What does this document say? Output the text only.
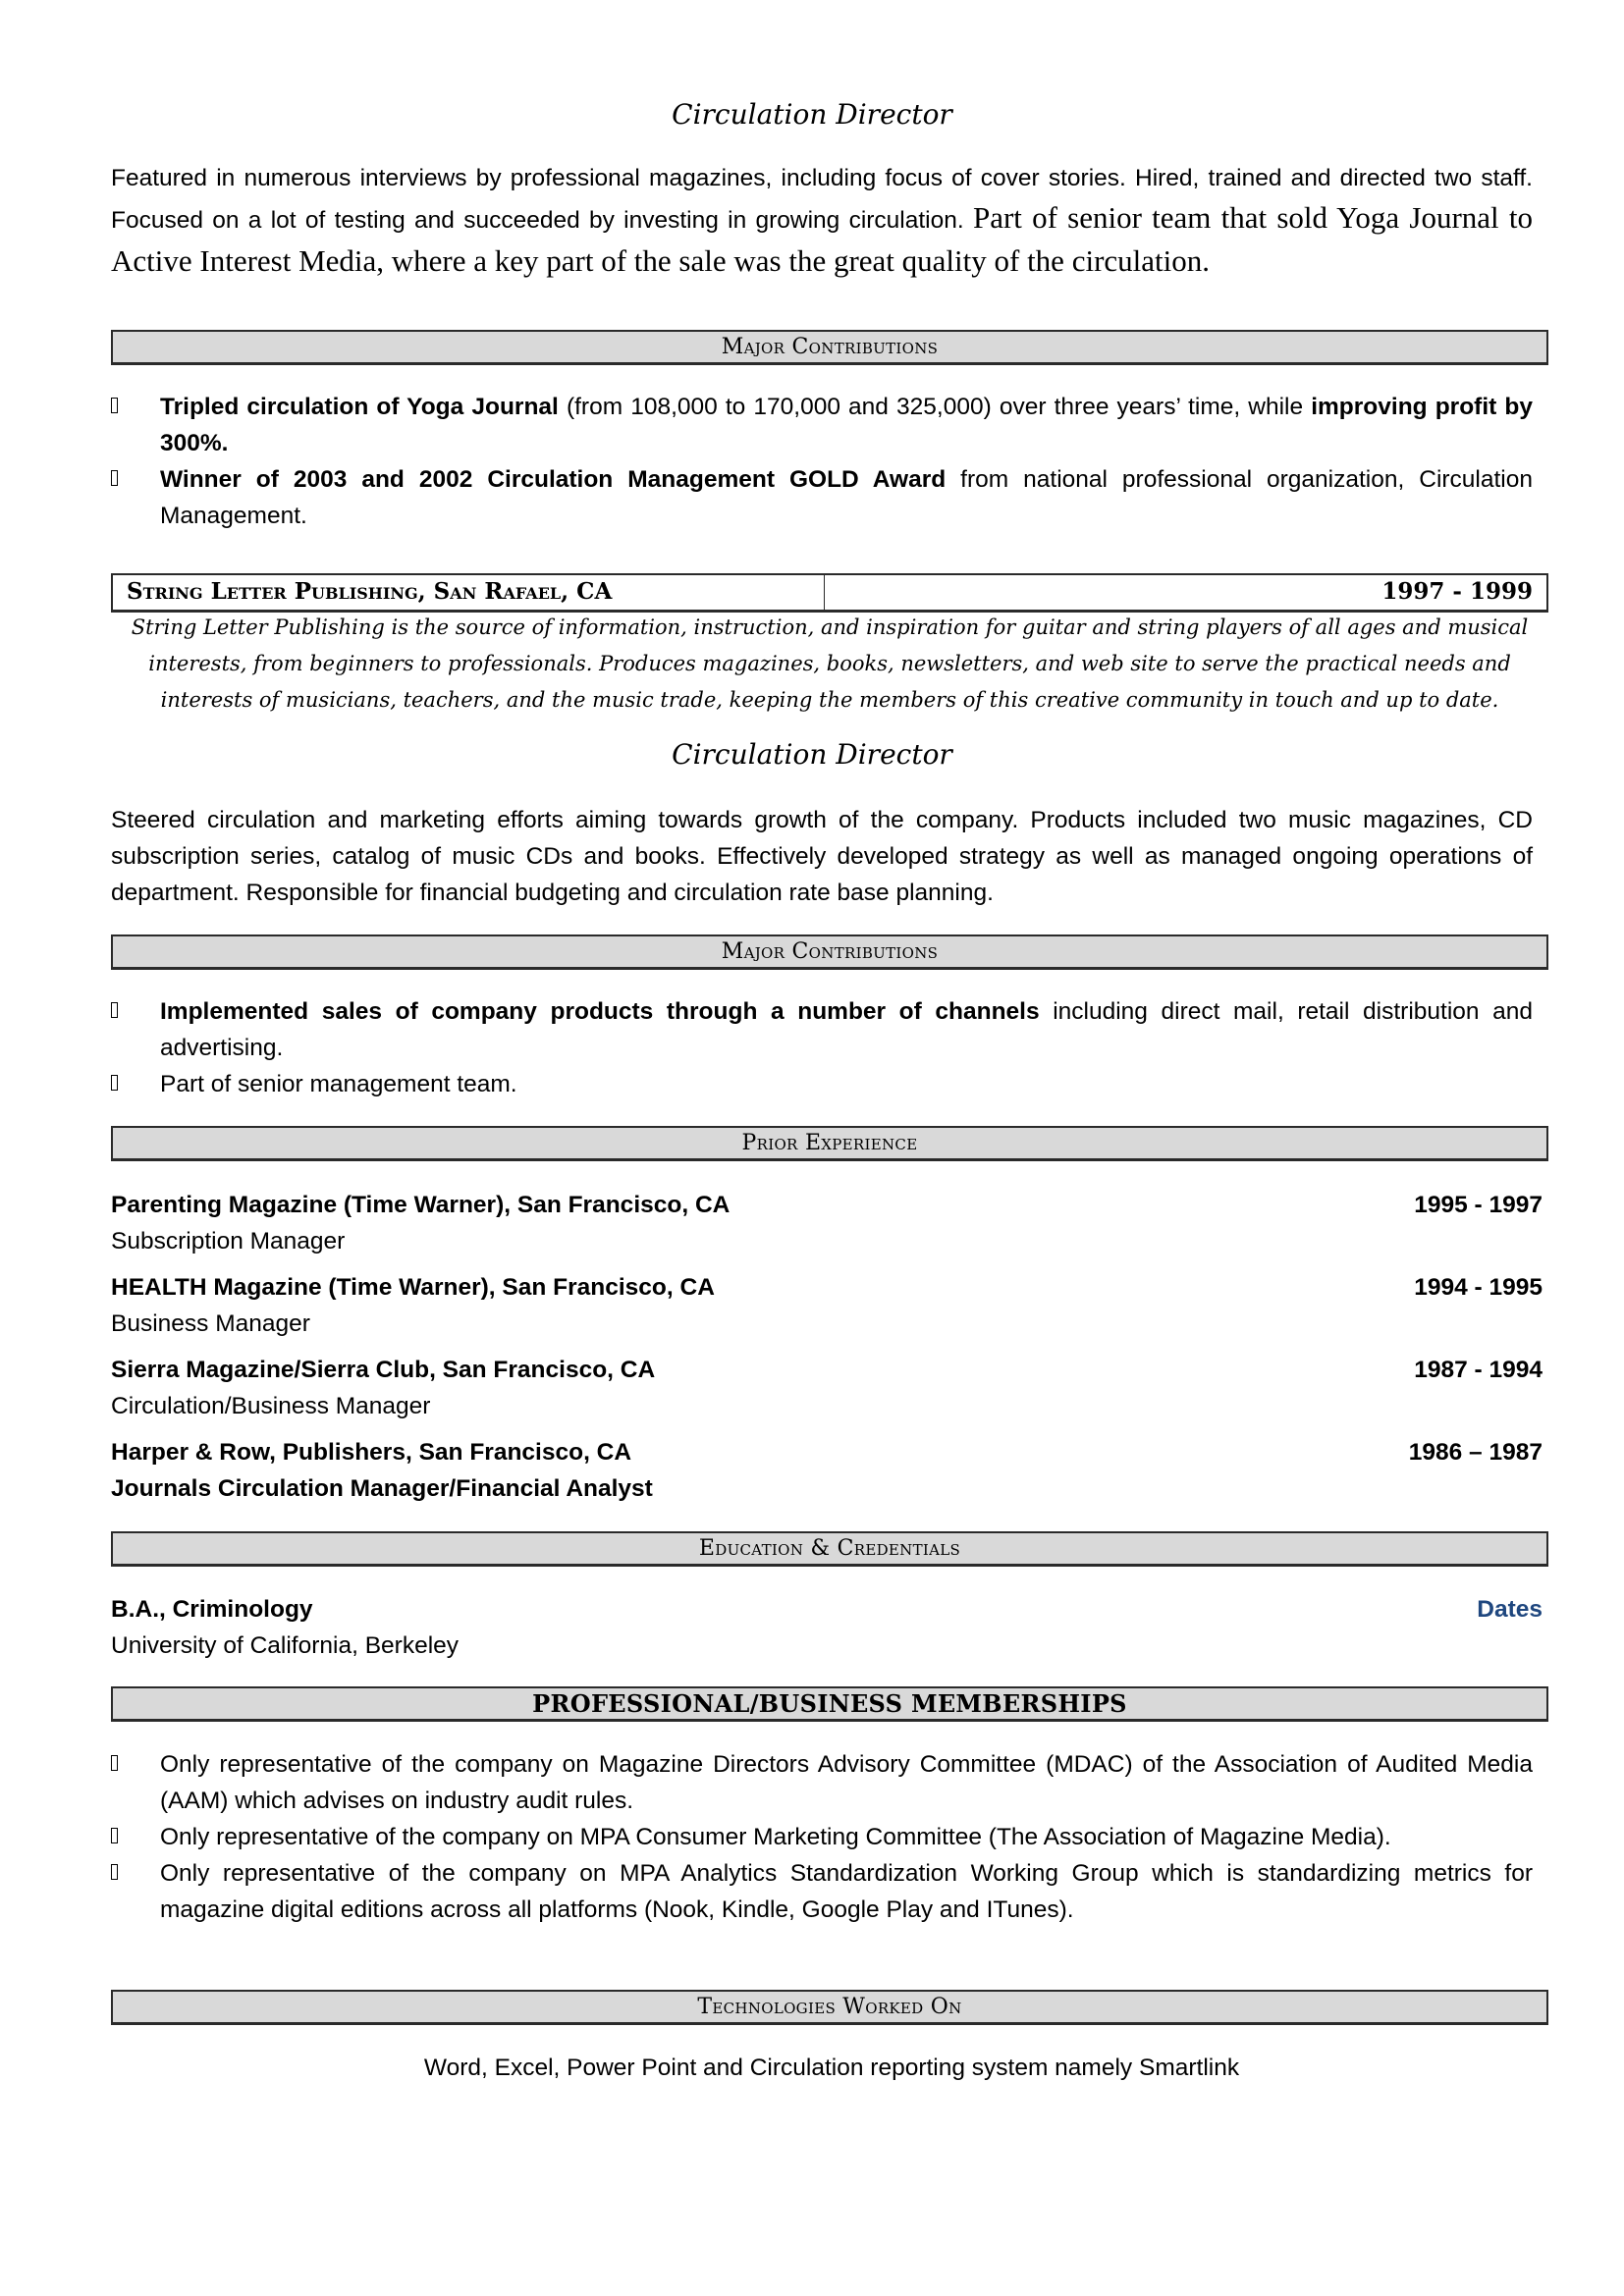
Circulation Director
Featured in numerous interviews by professional magazines, including focus of cover stories. Hired, trained and directed two staff. Focused on a lot of testing and succeeded by investing in growing circulation. Part of senior team that sold Yoga Journal to Active Interest Media, where a key part of the sale was the great quality of the circulation.
Major Contributions
Tripled circulation of Yoga Journal (from 108,000 to 170,000 and 325,000) over three years’ time, while improving profit by 300%.
Winner of 2003 and 2002 Circulation Management GOLD Award from national professional organization, Circulation Management.
String Letter Publishing, San Rafael, CA	1997 - 1999
String Letter Publishing is the source of information, instruction, and inspiration for guitar and string players of all ages and musical interests, from beginners to professionals. Produces magazines, books, newsletters, and web site to serve the practical needs and interests of musicians, teachers, and the music trade, keeping the members of this creative community in touch and up to date.
Circulation Director
Steered circulation and marketing efforts aiming towards growth of the company. Products included two music magazines, CD subscription series, catalog of music CDs and books. Effectively developed strategy as well as managed ongoing operations of department. Responsible for financial budgeting and circulation rate base planning.
Major Contributions
Implemented sales of company products through a number of channels including direct mail, retail distribution and advertising.
Part of senior management team.
Prior Experience
Parenting Magazine (Time Warner), San Francisco, CA	1995 - 1997
Subscription Manager
HEALTH Magazine (Time Warner), San Francisco, CA	1994 - 1995
Business Manager
Sierra Magazine/Sierra Club, San Francisco, CA	1987 - 1994
Circulation/Business Manager
Harper & Row, Publishers, San Francisco, CA	1986 – 1987
Journals Circulation Manager/Financial Analyst
Education & Credentials
B.A., Criminology	Dates
University of California, Berkeley
PROFESSIONAL/BUSINESS MEMBERSHIPS
Only representative of the company on Magazine Directors Advisory Committee (MDAC) of the Association of Audited Media (AAM) which advises on industry audit rules.
Only representative of the company on MPA Consumer Marketing Committee (The Association of Magazine Media).
Only representative of the company on MPA Analytics Standardization Working Group which is standardizing metrics for magazine digital editions across all platforms (Nook, Kindle, Google Play and ITunes).
Technologies Worked On
Word, Excel, Power Point and Circulation reporting system namely Smartlink
